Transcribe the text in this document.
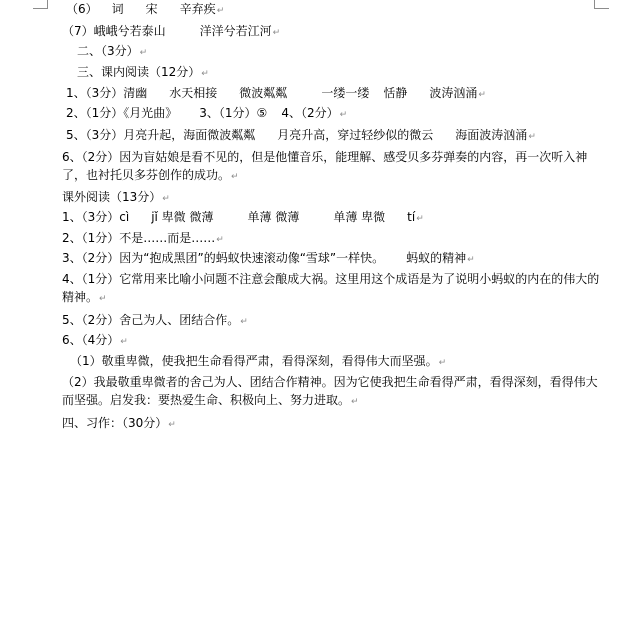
（6） 词 宋 辛弃疾↵
（7）峨峨兮若泰山	洋洋兮若江河↵
二、（3分）↵
三、课内阅读（12分）↵
1、（3分）清幽 水天相接 微波粼粼	一缕一缕 恬静 波涛汹涌↵
2、（1分）《月光曲》 3、（1分）⑤ 4、（2分）↵
5、（3分）月亮升起，海面微波粼粼 月亮升高，穿过轻纱似的微云 海面波涛汹涌↵
6、（2分）因为盲姑娘是看不见的，但是他懂音乐，能理解、感受贝多芬弹奏的内容，再一次听入神了，也衬托贝多芬创作的成功。↵
课外阅读（13分）↵
1、（3分）cì jǐ 卑微 微薄	单薄 微薄	单薄 卑微 tí↵
2、（1分）不是……而是……↵
3、（2分）因为“抱成黑团”的蚂蚁快速滚动像“雪球”一样快。 蚂蚁的精神↵
4、（1分）它常用来比喻小问题不注意会酿成大祸。这里用这个成语是为了说明小蚂蚁的内在的伟大的精神。↵
5、（2分）舍己为人、团结合作。↵
6、（4分）↵
（1）敬重卑微，使我把生命看得严肃，看得深刻，看得伟大而坚强。↵
（2）我最敬重卑微者的舍己为人、团结合作精神。因为它使我把生命看得严肃，看得深刻，看得伟大而坚强。启发我：要热爱生命、积极向上、努力进取。↵
四、习作：（30分）↵
